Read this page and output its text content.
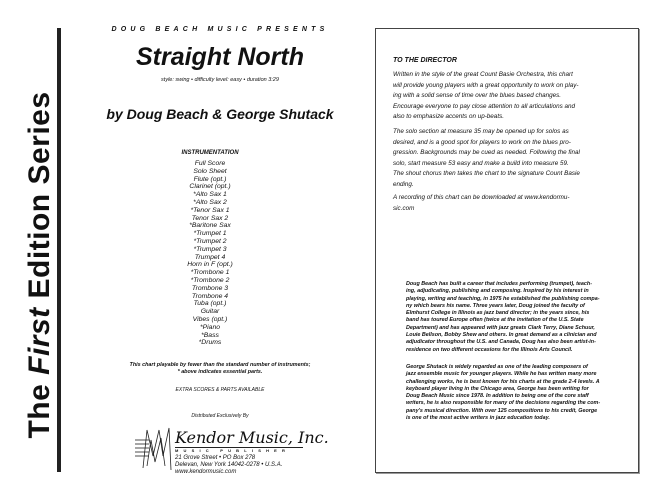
The First Edition Series
DOUG BEACH MUSIC PRESENTS
Straight North
style: swing • difficulty level: easy • duration 3:29
by Doug Beach & George Shutack
INSTRUMENTATION
Full Score
Solo Sheet
Flute (opt.)
Clarinet (opt.)
*Alto Sax 1
*Alto Sax 2
*Tenor Sax 1
Tenor Sax 2
*Baritone Sax
*Trumpet 1
*Trumpet 2
*Trumpet 3
Trumpet 4
Horn in F (opt.)
*Trombone 1
*Trombone 2
Trombone 3
Trombone 4
Tuba (opt.)
Guitar
Vibes (opt.)
*Piano
*Bass
*Drums
This chart playable by fewer than the standard number of instruments;
* above indicates essential parts.
EXTRA SCORES & PARTS AVAILABLE
Distributed Exclusively By
Kendor Music, Inc.
MUSIC PUBLISHER
21 Grove Street • PO Box 278
Delevan, New York 14042-0278 • U.S.A.
www.kendormusic.com
TO THE DIRECTOR
Written in the style of the great Count Basie Orchestra, this chart
will provide young players with a great opportunity to work on play-
ing with a solid sense of time over the blues based changes.
Encourage everyone to pay close attention to all articulations and
also to emphasize accents on up-beats.
The solo section at measure 35 may be opened up for solos as
desired, and is a good spot for players to work on the blues pro-
gression. Backgrounds may be cued as needed. Following the final
solo, start measure 53 easy and make a build into measure 59.
The shout chorus then takes the chart to the signature Count Basie
ending.
A recording of this chart can be downloaded at www.kendormu-
sic.com
Doug Beach has built a career that includes performing (trumpet), teach-
ing, adjudicating, publishing and composing. Inspired by his interest in
playing, writing and teaching, in 1975 he established the publishing compa-
ny which bears his name. Three years later, Doug joined the faculty of
Elmhurst College in Illinois as jazz band director; in the years since, his
band has toured Europe often (twice at the invitation of the U.S. State
Department) and has appeared with jazz greats Clark Terry, Diane Schuur,
Louie Bellson, Bobby Shew and others. In great demand as a clinician and
adjudicator throughout the U.S. and Canada, Doug has also been artist-in-
residence on two different occasions for the Illinois Arts Council.
George Shutack is widely regarded as one of the leading composers of
jazz ensemble music for younger players. While he has written many more
challenging works, he is best known for his charts at the grade 2-4 levels. A
keyboard player living in the Chicago area, George has been writing for
Doug Beach Music since 1978. In addition to being one of the core staff
writers, he is also responsible for many of the decisions regarding the com-
pany's musical direction. With over 125 compositions to his credit, George
is one of the most active writers in jazz education today.
